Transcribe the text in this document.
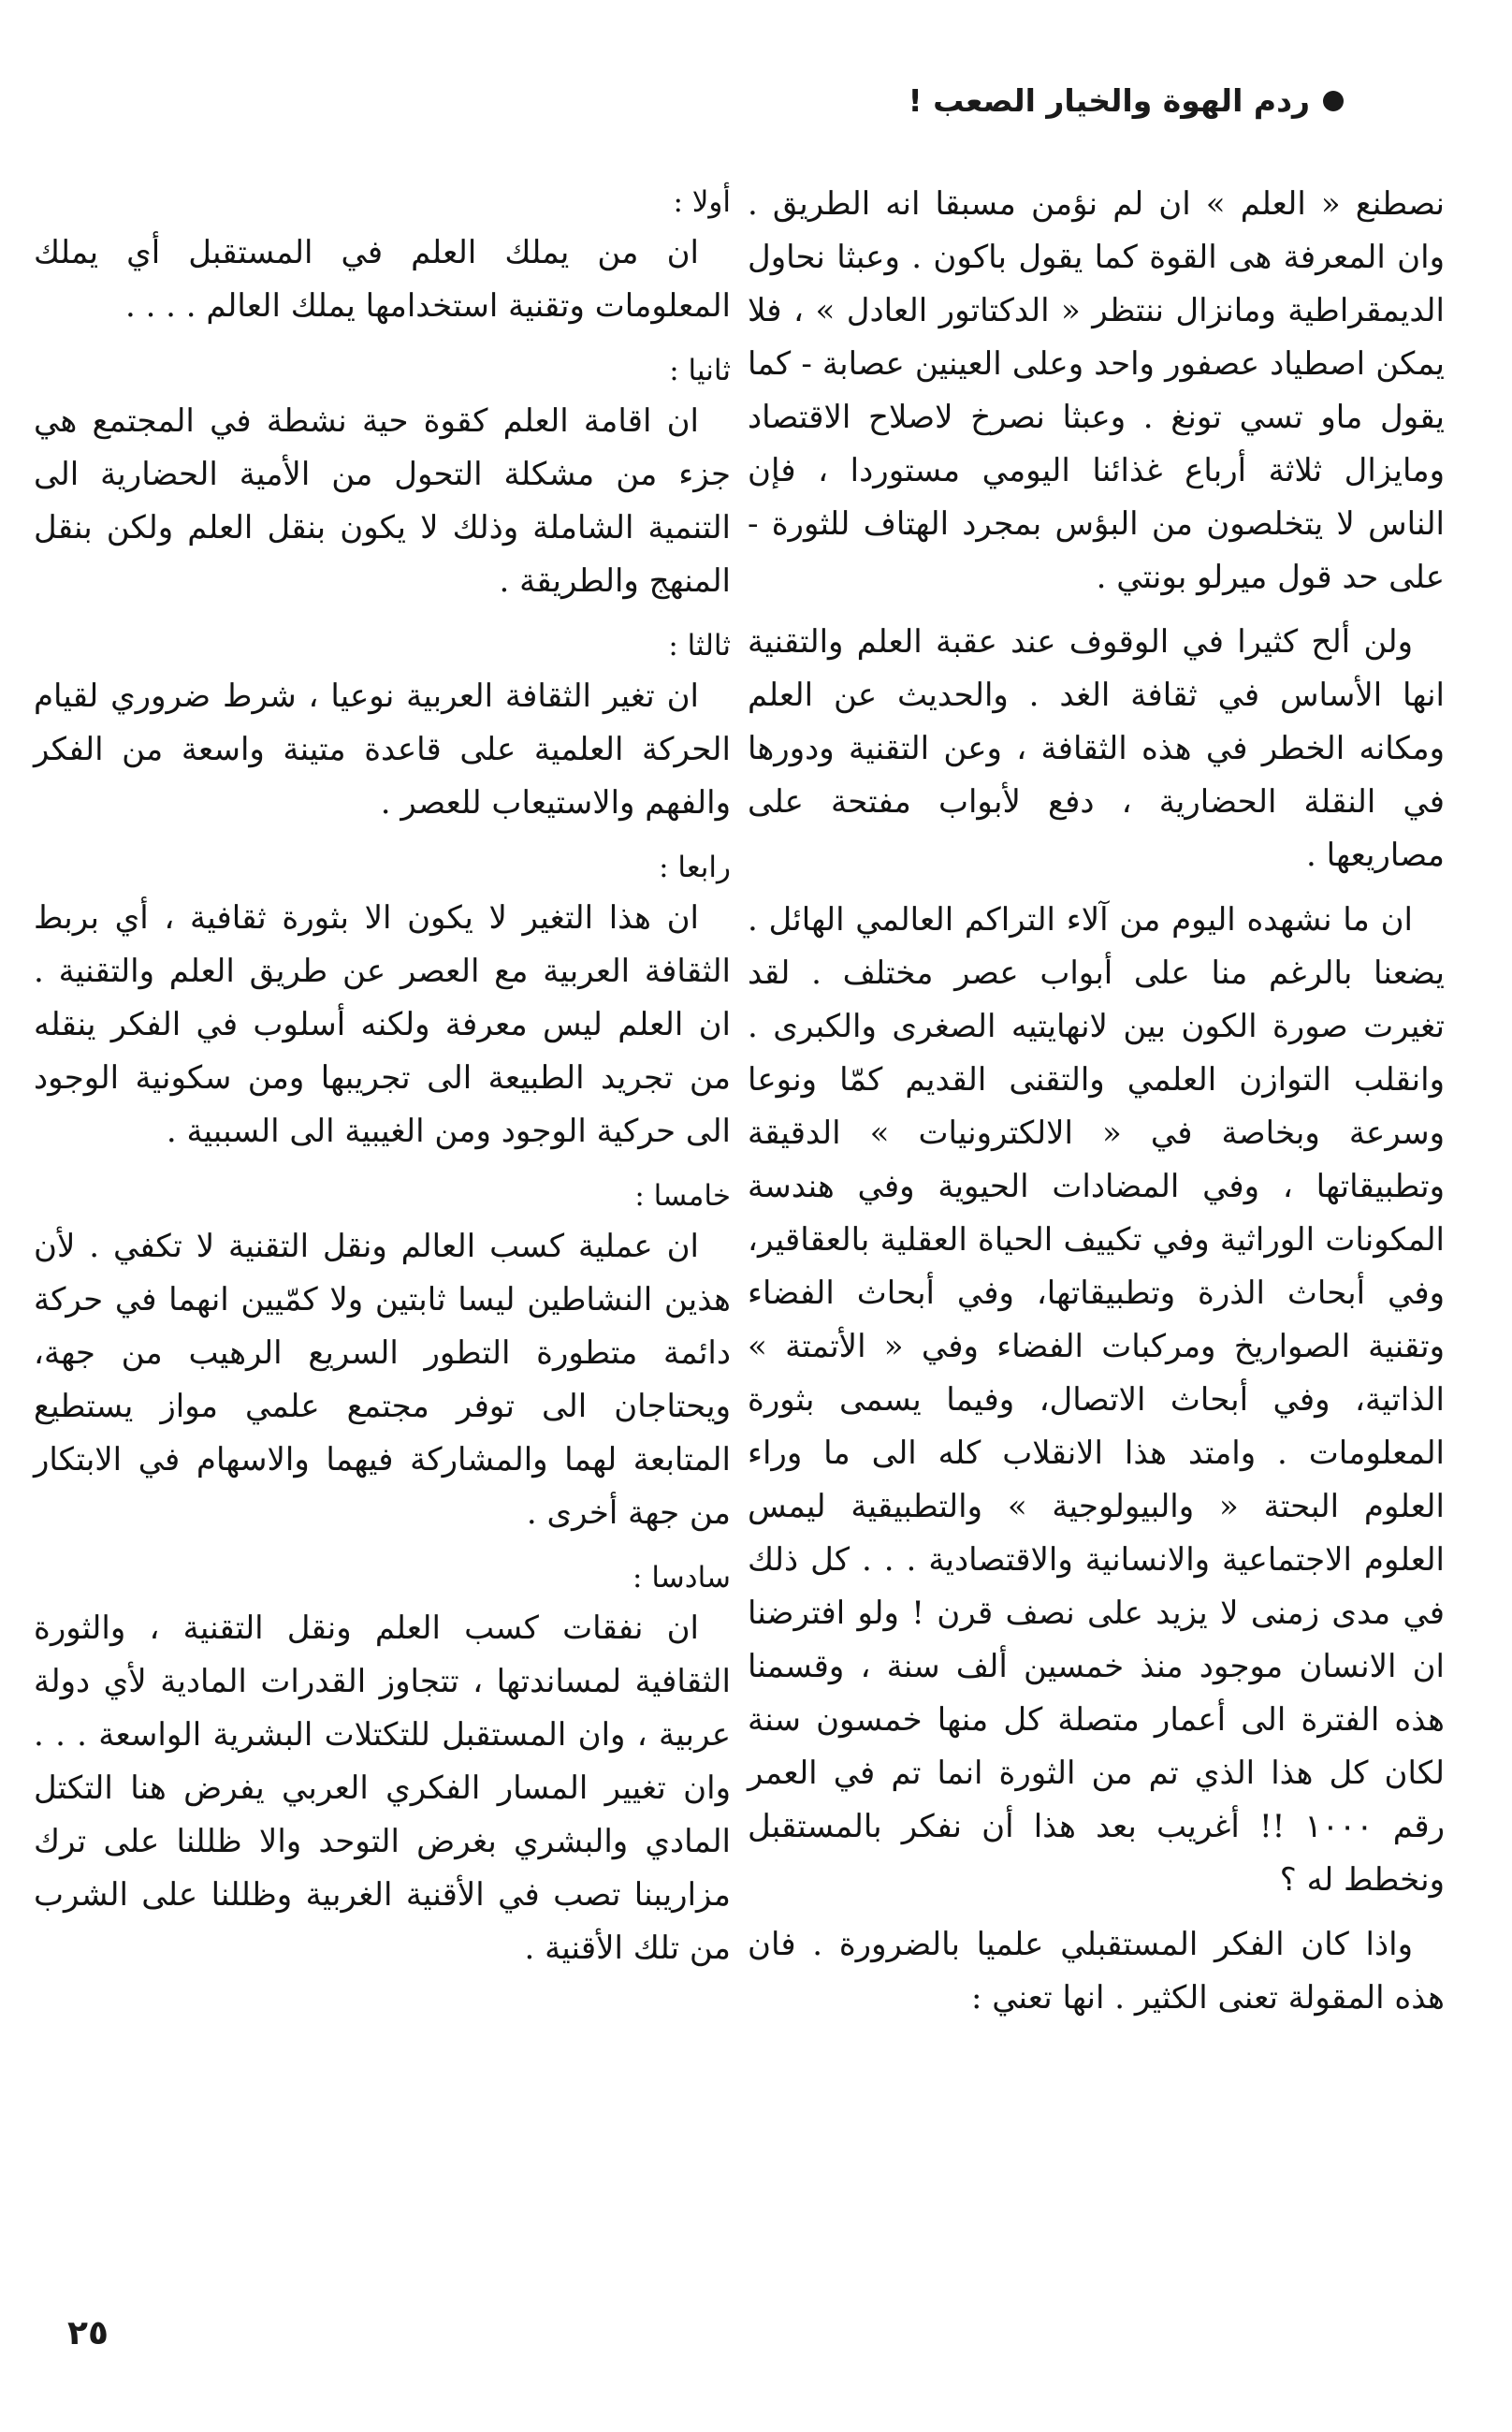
ردم الهوة والخيار الصعب !

نصطنع « العلم » ان لم نؤمن مسبقا انه الطريق . وان المعرفة هى القوة كما يقول باكون . وعبثا نحاول الديمقراطية ومانزال ننتظر « الدكتاتور العادل » ، فلا يمكن اصطياد عصفور واحد وعلى العينين عصابة - كما يقول ماو تسي تونغ . وعبثا نصرخ لاصلاح الاقتصاد ومايزال ثلاثة أرباع غذائنا اليومي مستوردا ، فإن الناس لا يتخلصون من البؤس بمجرد الهتاف للثورة - على حد قول ميرلو بونتي .

ولن ألح كثيرا في الوقوف عند عقبة العلم والتقنية انها الأساس في ثقافة الغد . والحديث عن العلم ومكانه الخطر في هذه الثقافة ، وعن التقنية ودورها في النقلة الحضارية ، دفع لأبواب مفتحة على مصاريعها .

ان ما نشهده اليوم من آلاء التراكم العالمي الهائل . يضعنا بالرغم منا على أبواب عصر مختلف . لقد تغيرت صورة الكون بين لانهايتيه الصغرى والكبرى . وانقلب التوازن العلمي والتقنى القديم كمّا ونوعا وسرعة وبخاصة في « الالكترونيات » الدقيقة وتطبيقاتها ، وفي المضادات الحيوية وفي هندسة المكونات الوراثية وفي تكييف الحياة العقلية بالعقاقير، وفي أبحاث الذرة وتطبيقاتها، وفي أبحاث الفضاء وتقنية الصواريخ ومركبات الفضاء وفي « الأتمتة » الذاتية، وفي أبحاث الاتصال، وفيما يسمى بثورة المعلومات . وامتد هذا الانقلاب كله الى ما وراء العلوم البحتة « والبيولوجية » والتطبيقية ليمس العلوم الاجتماعية والانسانية والاقتصادية . . . كل ذلك في مدى زمنى لا يزيد على نصف قرن ! ولو افترضنا ان الانسان موجود منذ خمسين ألف سنة ، وقسمنا هذه الفترة الى أعمار متصلة كل منها خمسون سنة لكان كل هذا الذي تم من الثورة انما تم في العمر رقم ١٠٠٠ !! أغريب بعد هذا أن نفكر بالمستقبل ونخطط له ؟

واذا كان الفكر المستقبلي علميا بالضرورة . فان هذه المقولة تعنى الكثير . انها تعني :

أولا :

ان من يملك العلم في المستقبل أي يملك المعلومات وتقنية استخدامها يملك العالم . . . .

ثانيا :

ان اقامة العلم كقوة حية نشطة في المجتمع هي جزء من مشكلة التحول من الأمية الحضارية الى التنمية الشاملة وذلك لا يكون بنقل العلم ولكن بنقل المنهج والطريقة .

ثالثا :

ان تغير الثقافة العربية نوعيا ، شرط ضروري لقيام الحركة العلمية على قاعدة متينة واسعة من الفكر والفهم والاستيعاب للعصر .

رابعا :

ان هذا التغير لا يكون الا بثورة ثقافية ، أي بربط الثقافة العربية مع العصر عن طريق العلم والتقنية . ان العلم ليس معرفة ولكنه أسلوب في الفكر ينقله من تجريد الطبيعة الى تجريبها ومن سكونية الوجود الى حركية الوجود ومن الغيبية الى السببية .

خامسا :

ان عملية كسب العالم ونقل التقنية لا تكفي . لأن هذين النشاطين ليسا ثابتين ولا كمّيين انهما في حركة دائمة متطورة التطور السريع الرهيب من جهة، ويحتاجان الى توفر مجتمع علمي مواز يستطيع المتابعة لهما والمشاركة فيهما والاسهام في الابتكار من جهة أخرى .

سادسا :

ان نفقات كسب العلم ونقل التقنية ، والثورة الثقافية لمساندتها ، تتجاوز القدرات المادية لأي دولة عربية ، وان المستقبل للتكتلات البشرية الواسعة . . . وان تغيير المسار الفكري العربي يفرض هنا التكتل المادي والبشري بغرض التوحد والا ظللنا على ترك مزاريبنا تصب في الأقنية الغربية وظللنا على الشرب من تلك الأقنية .

٢٥
